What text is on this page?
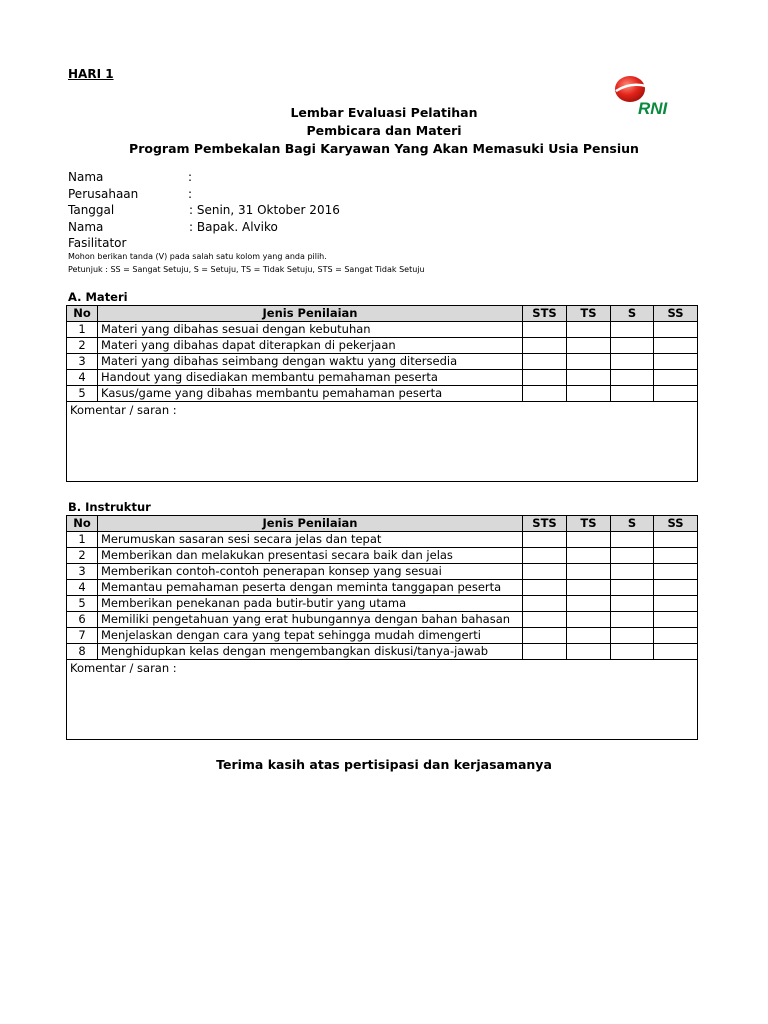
HARI 1
RNI
Lembar Evaluasi Pelatihan
Pembicara dan Materi
Program Pembekalan Bagi Karyawan Yang Akan Memasuki Usia Pensiun
Nama	:
Perusahaan	:
Tanggal	: Senin, 31 Oktober 2016
Nama Fasilitator
: Bapak. Alviko
Mohon berikan tanda (V) pada salah satu kolom yang anda pilih.
Petunjuk : SS = Sangat Setuju, S = Setuju, TS = Tidak Setuju, STS = Sangat Tidak Setuju
A. Materi
No	Jenis Penilaian	STS	TS	S	SS
1	Materi yang dibahas sesuai dengan kebutuhan				
2	Materi yang dibahas dapat diterapkan di pekerjaan				
3	Materi yang dibahas seimbang dengan waktu yang ditersedia				
4	Handout yang disediakan membantu pemahaman peserta				
5	Kasus/game yang dibahas membantu pemahaman peserta				
Komentar / saran :					
B. Instruktur
No	Jenis Penilaian	STS	TS	S	SS
1	Merumuskan sasaran sesi secara jelas dan tepat				
2	Memberikan dan melakukan presentasi secara baik dan jelas				
3	Memberikan contoh-contoh penerapan konsep yang sesuai				
4	Memantau pemahaman peserta dengan meminta tanggapan peserta				
5	Memberikan penekanan pada butir-butir yang utama				
6	Memiliki pengetahuan yang erat hubungannya dengan bahan bahasan				
7	Menjelaskan dengan cara yang tepat sehingga mudah dimengerti				
8	Menghidupkan kelas dengan mengembangkan diskusi/tanya-jawab				
Komentar / saran :					
Terima kasih atas pertisipasi dan kerjasamanya
